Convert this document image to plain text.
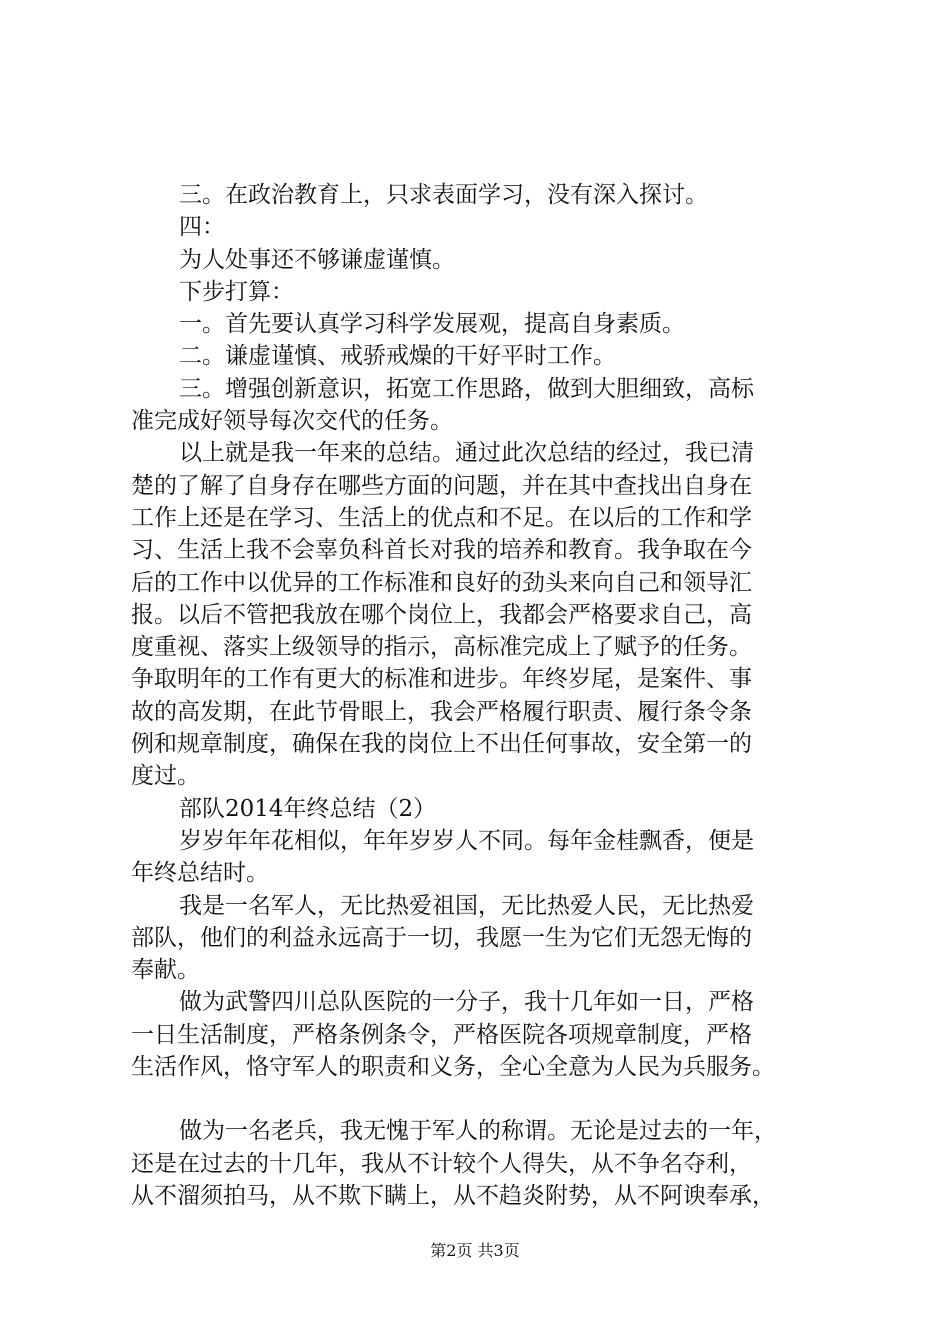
三。在政治教育上，只求表面学习，没有深入探讨。

四：

为人处事还不够谦虚谨慎。

下步打算：

一。首先要认真学习科学发展观，提高自身素质。

二。谦虚谨慎、戒骄戒燥的干好平时工作。

三。增强创新意识，拓宽工作思路，做到大胆细致，高标

准完成好领导每次交代的任务。

以上就是我一年来的总结。通过此次总结的经过，我已清

楚的了解了自身存在哪些方面的问题，并在其中查找出自身在

工作上还是在学习、生活上的优点和不足。在以后的工作和学

习、生活上我不会辜负科首长对我的培养和教育。我争取在今

后的工作中以优异的工作标准和良好的劲头来向自己和领导汇

报。以后不管把我放在哪个岗位上，我都会严格要求自己，高

度重视、落实上级领导的指示，高标准完成上了赋予的任务。

争取明年的工作有更大的标准和进步。年终岁尾，是案件、事

故的高发期，在此节骨眼上，我会严格履行职责、履行条令条

例和规章制度，确保在我的岗位上不出任何事故，安全第一的

度过。

部队2014年终总结（2）

岁岁年年花相似，年年岁岁人不同。每年金桂飘香，便是

年终总结时。

我是一名军人，无比热爱祖国，无比热爱人民，无比热爱

部队，他们的利益永远高于一切，我愿一生为它们无怨无悔的

奉献。

做为武警四川总队医院的一分子，我十几年如一日，严格

一日生活制度，严格条例条令，严格医院各项规章制度，严格

生活作风，恪守军人的职责和义务，全心全意为人民为兵服务。

做为一名老兵，我无愧于军人的称谓。无论是过去的一年，

还是在过去的十几年，我从不计较个人得失，从不争名夺利，

从不溜须拍马，从不欺下瞒上，从不趋炎附势，从不阿谀奉承，

第2页 共3页
